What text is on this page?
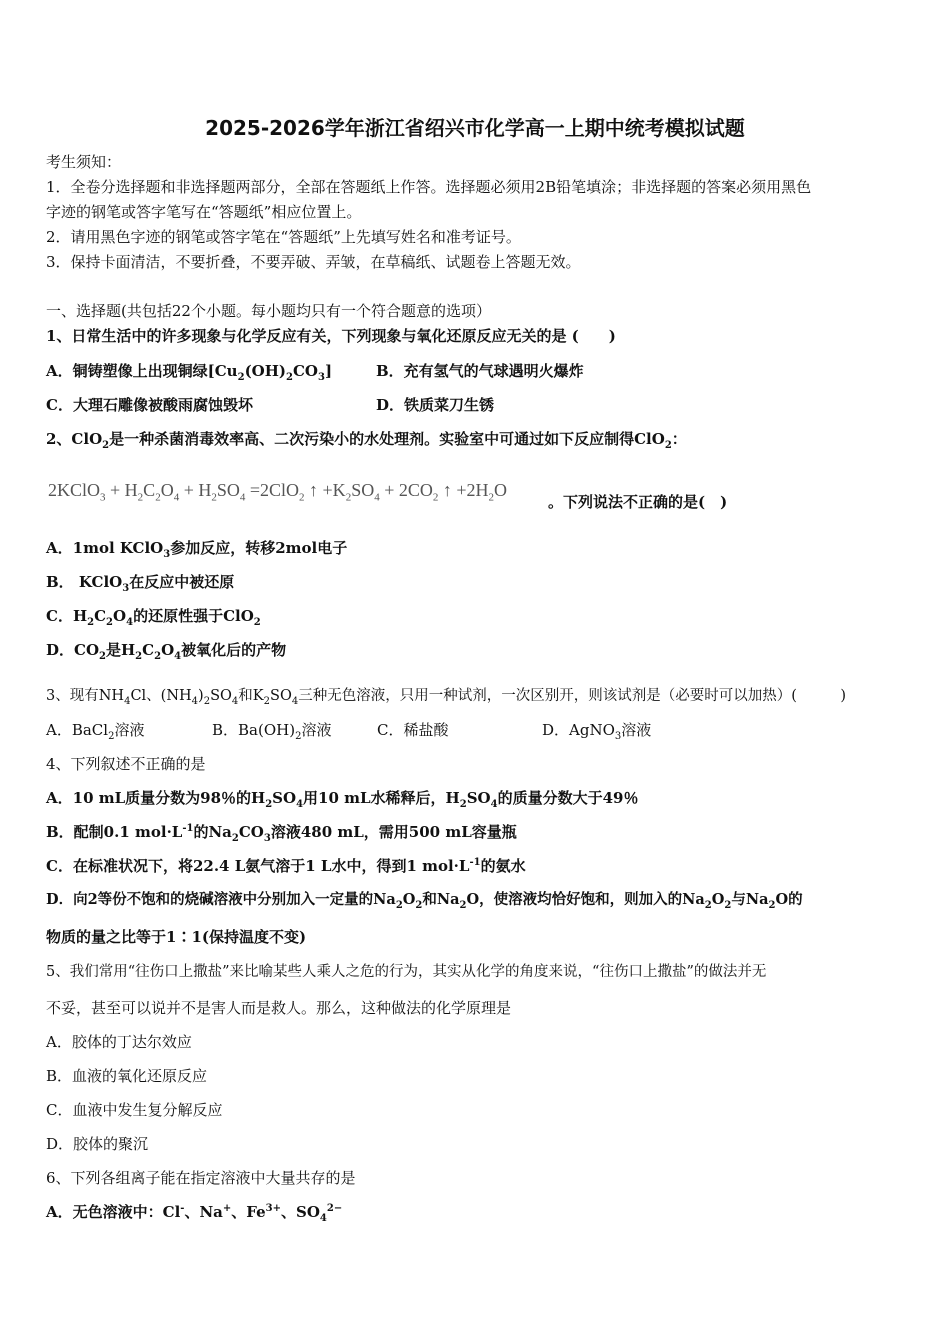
2025-2026学年浙江省绍兴市化学高一上期中统考模拟试题
考生须知：
1．全卷分选择题和非选择题两部分，全部在答题纸上作答。选择题必须用2B铅笔填涂；非选择题的答案必须用黑色
字迹的钢笔或答字笔写在“答题纸”相应位置上。
2．请用黑色字迹的钢笔或答字笔在“答题纸”上先填写姓名和准考证号。
3．保持卡面清洁，不要折叠，不要弄破、弄皱，在草稿纸、试题卷上答题无效。
一、选择题(共包括22个小题。每小题均只有一个符合题意的选项）
1、日常生活中的许多现象与化学反应有关，下列现象与氧化还原反应无关的是 (　　)
A．铜铸塑像上出现铜绿$[Cu_2(OH)_2CO_3]$	B．充有氢气的气球遇明火爆炸
C．大理石雕像被酸雨腐蚀毁坏	D．铁质菜刀生锈
2、ClO$_2$是一种杀菌消毒效率高、二次污染小的水处理剂。实验室中可通过如下反应制得ClO$_2$：
2KClO$_3$ + $H_2C_2O_4 + H_2SO_4 =2ClO_2$ ↑ $+K_2SO_4 + 2CO_2$ ↑ $+2H_2O$
。下列说法不正确的是(　)
A．1mol KClO$_3$参加反应，转移2mol电子
B． KClO$_3$在反应中被还原
C．$H_2C_2O_4$的还原性强于ClO$_2$
D．$CO_2$是$H_2C_2O_4$被氧化后的产物
3、现有$NH_4Cl$、$(NH_4)_2SO_4$和$K_2SO_4$三种无色溶液，只用一种试剂，一次区别开，则该试剂是（必要时可以加热）(　　　)
A．BaCl$_2$溶液	B．$Ba(OH)_2$溶液	C．稀盐酸	D．AgNO$_3$溶液
4、下列叙述不正确的是
A．10 mL质量分数为98％的$H_2SO_4$用10 mL水稀释后，$H_2SO_4$的质量分数大于49％
B．配制0.1 $mol\cdot L^{-1}$的$Na_2CO_3$溶液480 mL，需用500 mL容量瓶
C．在标准状况下，将22.4 L氨气溶于1 L水中，得到1 $mol\cdot L^{-1}$的氨水
D．向2等份不饱和的烧碱溶液中分别加入一定量的$Na_2O_2$和$Na_2O$，使溶液均恰好饱和，则加入的$Na_2O_2$与$Na_2O$的
物质的量之比等于1∶1(保持温度不变)
5、我们常用“往伤口上撒盐”来比喻某些人乘人之危的行为，其实从化学的角度来说，“往伤口上撒盐”的做法并无
不妥，甚至可以说并不是害人而是救人。那么，这种做法的化学原理是
A．胶体的丁达尔效应
B．血液的氧化还原反应
C．血液中发生复分解反应
D．胶体的聚沉
6、下列各组离子能在指定溶液中大量共存的是
A．无色溶液中：Cl-、Na+、$Fe^{3+}$、$SO_4^{2-}$
